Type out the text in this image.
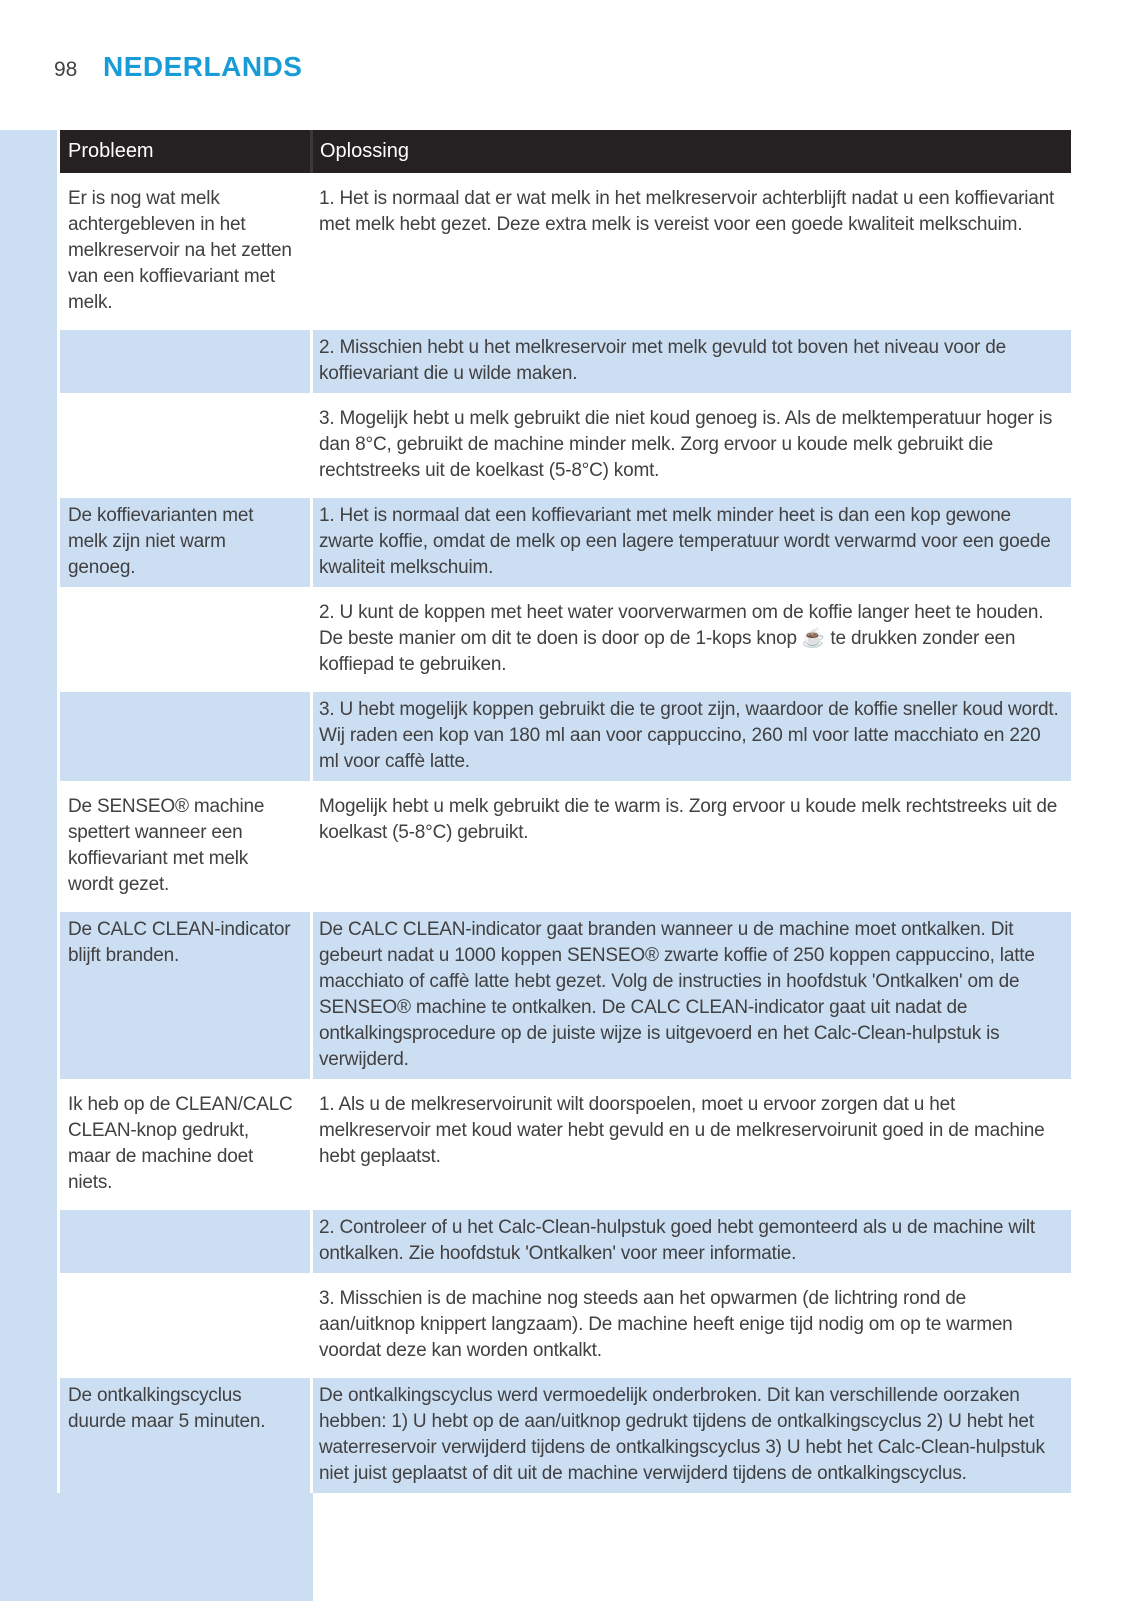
98 NEDERLANDS
Probleem	Oplossing
Er is nog wat melk achtergebleven in het melkreservoir na het zetten van een koffievariant met melk.
1. Het is normaal dat er wat melk in het melkreservoir achterblijft nadat u een koffievariant met melk hebt gezet. Deze extra melk is vereist voor een goede kwaliteit melkschuim.
2. Misschien hebt u het melkreservoir met melk gevuld tot boven het niveau voor de koffievariant die u wilde maken.
3. Mogelijk hebt u melk gebruikt die niet koud genoeg is. Als de melktemperatuur hoger is dan 8°C, gebruikt de machine minder melk. Zorg ervoor u koude melk gebruikt die rechtstreeks uit de koelkast (5-8°C) komt.
De koffievarianten met melk zijn niet warm genoeg.
1. Het is normaal dat een koffievariant met melk minder heet is dan een kop gewone zwarte koffie, omdat de melk op een lagere temperatuur wordt verwarmd voor een goede kwaliteit melkschuim.
2. U kunt de koppen met heet water voorverwarmen om de koffie langer heet te houden. De beste manier om dit te doen is door op de 1-kops knop ☕ te drukken zonder een koffiepad te gebruiken.
3. U hebt mogelijk koppen gebruikt die te groot zijn, waardoor de koffie sneller koud wordt. Wij raden een kop van 180 ml aan voor cappuccino, 260 ml voor latte macchiato en 220 ml voor caffè latte.
De SENSEO® machine spettert wanneer een koffievariant met melk wordt gezet.
Mogelijk hebt u melk gebruikt die te warm is. Zorg ervoor u koude melk rechtstreeks uit de koelkast (5-8°C) gebruikt.
De CALC CLEAN-indicator blijft branden.
De CALC CLEAN-indicator gaat branden wanneer u de machine moet ontkalken. Dit gebeurt nadat u 1000 koppen SENSEO® zwarte koffie of 250 koppen cappuccino, latte macchiato of caffè latte hebt gezet. Volg de instructies in hoofdstuk 'Ontkalken' om de SENSEO® machine te ontkalken. De CALC CLEAN-indicator gaat uit nadat de ontkalkingsprocedure op de juiste wijze is uitgevoerd en het Calc-Clean-hulpstuk is verwijderd.
Ik heb op de CLEAN/CALC CLEAN-knop gedrukt, maar de machine doet niets.
1. Als u de melkreservoirunit wilt doorspoelen, moet u ervoor zorgen dat u het melkreservoir met koud water hebt gevuld en u de melkreservoirunit goed in de machine hebt geplaatst.
2. Controleer of u het Calc-Clean-hulpstuk goed hebt gemonteerd als u de machine wilt ontkalken. Zie hoofdstuk 'Ontkalken' voor meer informatie.
3. Misschien is de machine nog steeds aan het opwarmen (de lichtring rond de aan/uitknop knippert langzaam). De machine heeft enige tijd nodig om op te warmen voordat deze kan worden ontkalkt.
De ontkalkingscyclus duurde maar 5 minuten.
De ontkalkingscyclus werd vermoedelijk onderbroken. Dit kan verschillende oorzaken hebben: 1) U hebt op de aan/uitknop gedrukt tijdens de ontkalkingscyclus 2) U hebt het waterreservoir verwijderd tijdens de ontkalkingscyclus 3) U hebt het Calc-Clean-hulpstuk niet juist geplaatst of dit uit de machine verwijderd tijdens de ontkalkingscyclus.
